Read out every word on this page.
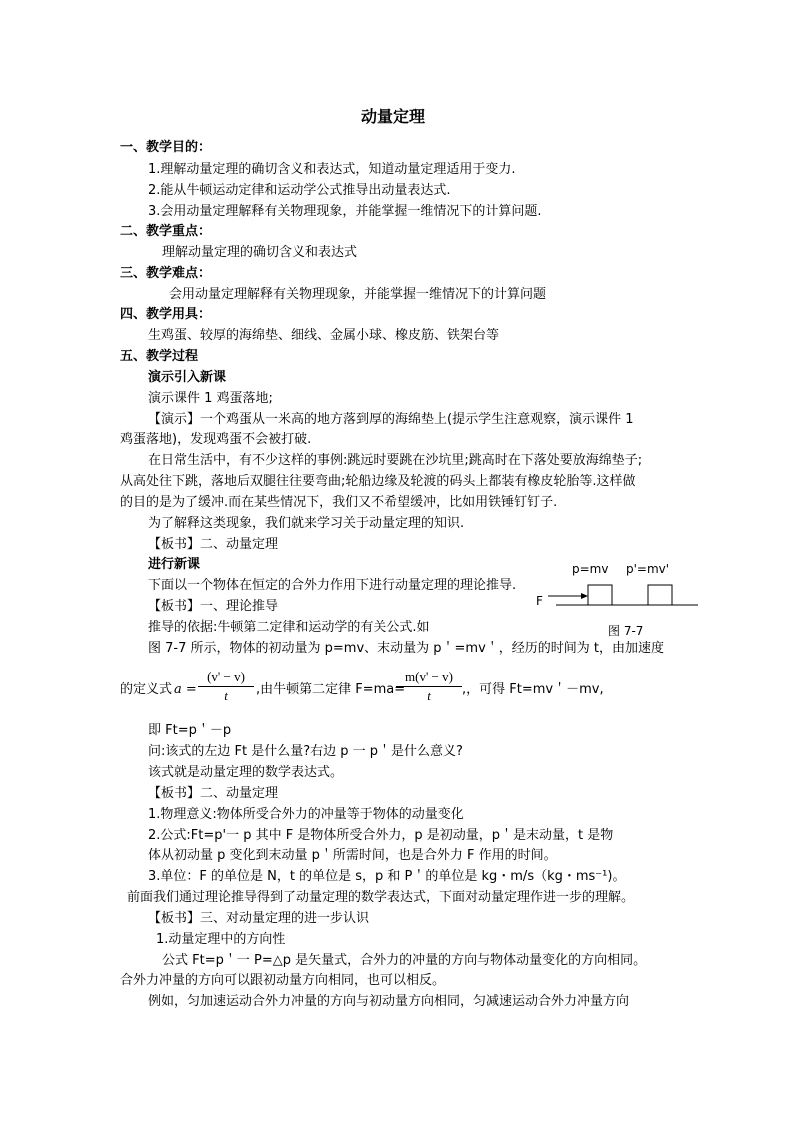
动量定理
一、教学目的：
1.理解动量定理的确切含义和表达式，知道动量定理适用于变力.
2.能从牛顿运动定律和运动学公式推导出动量表达式.
3.会用动量定理解释有关物理现象，并能掌握一维情况下的计算问题.
二、教学重点：
理解动量定理的确切含义和表达式
三、教学难点：
会用动量定理解释有关物理现象，并能掌握一维情况下的计算问题
四、教学用具：
生鸡蛋、较厚的海绵垫、细线、金属小球、橡皮筋、铁架台等
五、教学过程
演示引入新课
演示课件 1 鸡蛋落地;
【演示】一个鸡蛋从一米高的地方落到厚的海绵垫上(提示学生注意观察，演示课件 1
鸡蛋落地)，发现鸡蛋不会被打破.
在日常生活中，有不少这样的事例:跳远时要跳在沙坑里;跳高时在下落处要放海绵垫子;
从高处往下跳，落地后双腿往往要弯曲;轮船边缘及轮渡的码头上都装有橡皮轮胎等.这样做
的目的是为了缓冲.而在某些情况下，我们又不希望缓冲，比如用铁锤钉钉子.
为了解释这类现象，我们就来学习关于动量定理的知识.
【板书】二、动量定理
进行新课
下面以一个物体在恒定的合外力作用下进行动量定理的理论推导.
【板书】一、理论推导
推导的依据:牛顿第二定律和运动学的有关公式.如
图 7-7 所示，物体的初动量为 p=mv、末动量为 p＇=mv＇，经历的时间为 t，由加速度
的定义式 $a = \frac{(v' - v)}{t}$ ,由牛顿第二定律 F=ma=
$\frac{m(v' - v)}{t}$ ,，可得 Ft=mv＇－mv,
即 Ft=p＇－p
问:该式的左边 Ft 是什么量?右边 p 一 p＇是什么意义?
该式就是动量定理的数学表达式。
【板书】二、动量定理
1.物理意义:物体所受合外力的冲量等于物体的动量变化
2.公式:Ft=p'一 p 其中 F 是物体所受合外力，p 是初动量，p＇是末动量，t 是物
体从初动量 p 变化到末动量 p＇所需时间，也是合外力 F 作用的时间。
3.单位：F 的单位是 N，t 的单位是 s，p 和 P＇的单位是 kg・m/s（kg・ms⁻¹)。
前面我们通过理论推导得到了动量定理的数学表达式，下面对动量定理作进一步的理解。
【板书】三、对动量定理的进一步认识
1.动量定理中的方向性
公式 Ft=p＇一 P=△p 是矢量式，合外力的冲量的方向与物体动量变化的方向相同。
合外力冲量的方向可以跟初动量方向相同，也可以相反。
例如，匀加速运动合外力冲量的方向与初动量方向相同，匀减速运动合外力冲量方向
p=mv p'=mv'
F
图 7-7
